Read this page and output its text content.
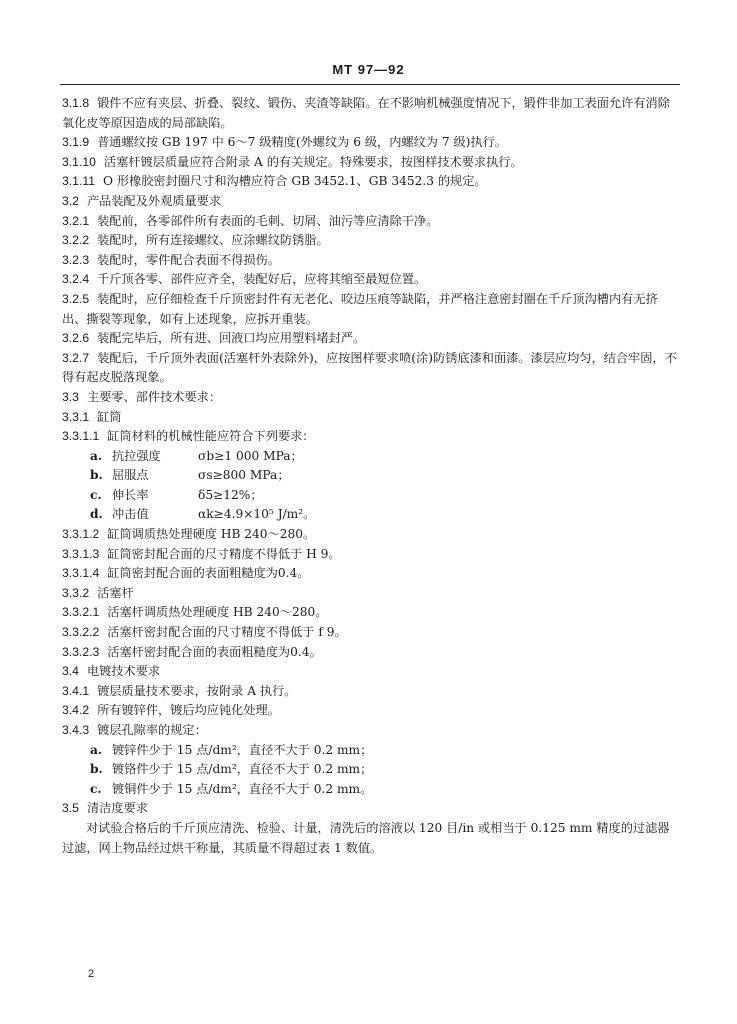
MT 97—92
3.1.8 锻件不应有夹层、折叠、裂纹、锻伤、夹渣等缺陷。在不影响机械强度情况下，锻件非加工表面允许有消除氧化皮等原因造成的局部缺陷。
3.1.9 普通螺纹按 GB 197 中 6～7 级精度(外螺纹为 6 级，内螺纹为 7 级)执行。
3.1.10 活塞杆镀层质量应符合附录 A 的有关规定。特殊要求，按图样技术要求执行。
3.1.11 O 形橡胶密封圈尺寸和沟槽应符合 GB 3452.1、GB 3452.3 的规定。
3.2 产品装配及外观质量要求
3.2.1 装配前，各零部件所有表面的毛刺、切屑、油污等应清除干净。
3.2.2 装配时，所有连接螺纹、应涂螺纹防锈脂。
3.2.3 装配时，零件配合表面不得损伤。
3.2.4 千斤顶各零、部件应齐全，装配好后，应将其缩至最短位置。
3.2.5 装配时，应仔细检查千斤顶密封件有无老化、咬边压痕等缺陷，并严格注意密封圈在千斤顶沟槽内有无挤出、撕裂等现象，如有上述现象，应拆开重装。
3.2.6 装配完毕后，所有进、回液口均应用塑料堵封严。
3.2.7 装配后，千斤顶外表面(活塞杆外表除外)，应按图样要求喷(涂)防锈底漆和面漆。漆层应均匀，结合牢固，不得有起皮脱落现象。
3.3 主要零、部件技术要求：
3.3.1 缸筒
3.3.1.1 缸筒材料的机械性能应符合下列要求：
a. 抗拉强度	σb≥1 000 MPa；
b. 屈服点	σs≥800 MPa；
c. 伸长率	δ5≥12%；
d. 冲击值	αk≥4.9×10⁵ J/m²。
3.3.1.2 缸筒调质热处理硬度 HB 240～280。
3.3.1.3 缸筒密封配合面的尺寸精度不得低于 H 9。
3.3.1.4 缸筒密封配合面的表面粗糙度为0.4。
3.3.2 活塞杆
3.3.2.1 活塞杆调质热处理硬度 HB 240～280。
3.3.2.2 活塞杆密封配合面的尺寸精度不得低于 f 9。
3.3.2.3 活塞杆密封配合面的表面粗糙度为0.4。
3.4 电镀技术要求
3.4.1 镀层质量技术要求，按附录 A 执行。
3.4.2 所有镀锌件，镀后均应钝化处理。
3.4.3 镀层孔隙率的规定：
a. 镀锌件少于 15 点/dm²，直径不大于 0.2 mm；
b. 镀铬件少于 15 点/dm²，直径不大于 0.2 mm；
c. 镀铜件少于 15 点/dm²，直径不大于 0.2 mm。
3.5 清洁度要求
对试验合格后的千斤顶应清洗、检验、计量，清洗后的溶液以 120 目/in 或相当于 0.125 mm 精度的过滤器过滤，网上物品经过烘干称量，其质量不得超过表 1 数值。
2
